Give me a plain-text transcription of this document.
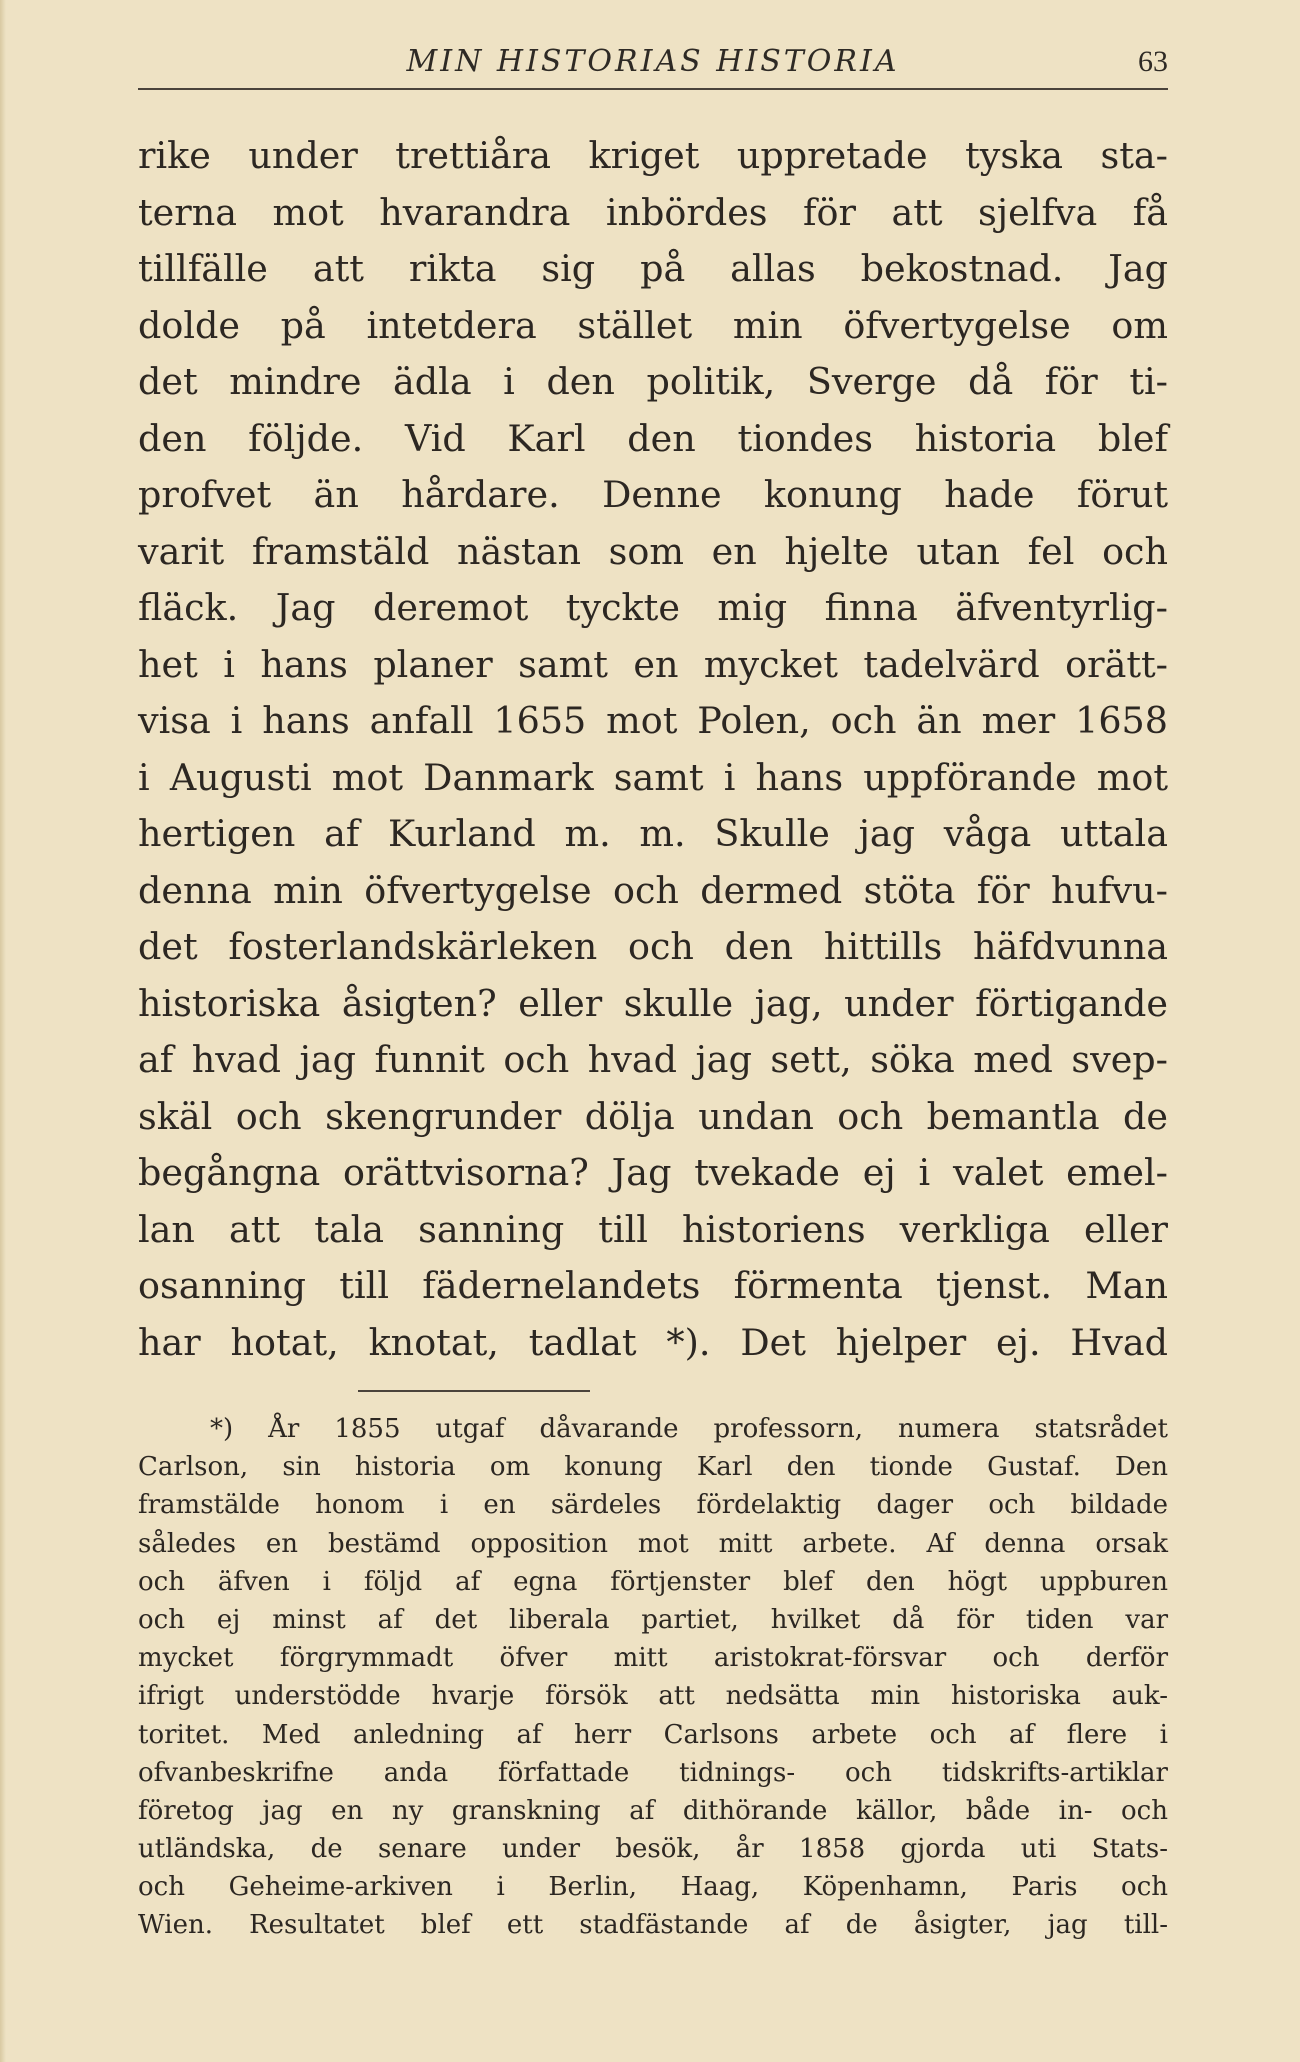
MIN HISTORIAS HISTORIA	63
rike under trettiåra kriget uppretade tyska sta-
terna mot hvarandra inbördes för att sjelfva få
tillfälle att rikta sig på allas bekostnad. Jag
dolde på intetdera stället min öfvertygelse om
det mindre ädla i den politik, Sverge då för ti-
den följde. Vid Karl den tiondes historia blef
profvet än hårdare. Denne konung hade förut
varit framstäld nästan som en hjelte utan fel och
fläck. Jag deremot tyckte mig finna äfventyrlig-
het i hans planer samt en mycket tadelvärd orätt-
visa i hans anfall 1655 mot Polen, och än mer 1658
i Augusti mot Danmark samt i hans uppförande mot
hertigen af Kurland m. m. Skulle jag våga uttala
denna min öfvertygelse och dermed stöta för hufvu-
det fosterlandskärleken och den hittills häfdvunna
historiska åsigten? eller skulle jag, under förtigande
af hvad jag funnit och hvad jag sett, söka med svep-
skäl och skengrunder dölja undan och bemantla de
begångna orättvisorna? Jag tvekade ej i valet emel-
lan att tala sanning till historiens verkliga eller
osanning till fädernelandets förmenta tjenst. Man
har hotat, knotat, tadlat *). Det hjelper ej. Hvad
*) År 1855 utgaf dåvarande professorn, numera statsrådet
Carlson, sin historia om konung Karl den tionde Gustaf. Den
framstälde honom i en särdeles fördelaktig dager och bildade
således en bestämd opposition mot mitt arbete. Af denna orsak
och äfven i följd af egna förtjenster blef den högt uppburen
och ej minst af det liberala partiet, hvilket då för tiden var
mycket förgrymmadt öfver mitt aristokrat-försvar och derför
ifrigt understödde hvarje försök att nedsätta min historiska auk-
toritet. Med anledning af herr Carlsons arbete och af flere i
ofvanbeskrifne anda författade tidnings- och tidskrifts-artiklar
företog jag en ny granskning af dithörande källor, både in- och
utländska, de senare under besök, år 1858 gjorda uti Stats-
och Geheime-arkiven i Berlin, Haag, Köpenhamn, Paris och
Wien. Resultatet blef ett stadfästande af de åsigter, jag till-
